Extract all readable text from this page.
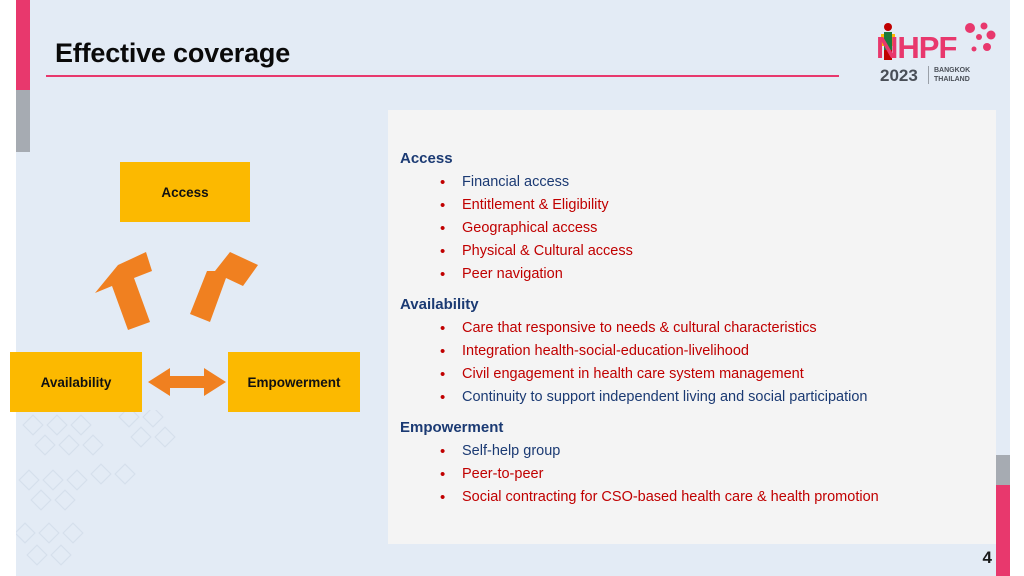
Effective coverage	NHPF
2023 BANGKOK
THAILAND
Access
Availability	Empowerment
Access
• Financial access
• Entitlement & Eligibility
• Geographical access
• Physical & Cultural access
• Peer navigation
Availability
• Care that responsive to needs & cultural characteristics
• Integration health-social-education-livelihood
• Civil engagement in health care system management
• Continuity to support independent living and social participation
Empowerment
• Self-help group
• Peer-to-peer
• Social contracting for CSO-based health care & health promotion
4
